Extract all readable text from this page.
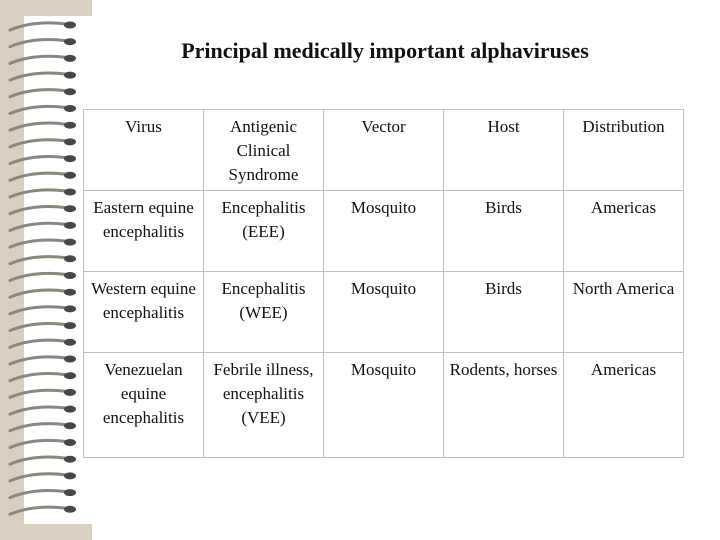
Principal medically important alphaviruses
Virus	Antigenic Clinical Syndrome	Vector	Host	Distribution
Eastern equine encephalitis	Encephalitis (EEE)	Mosquito	Birds	Americas
Western equine encephalitis	Encephalitis (WEE)	Mosquito	Birds	North America
Venezuelan equine encephalitis	Febrile illness, encephalitis (VEE)	Mosquito	Rodents, horses	Americas
